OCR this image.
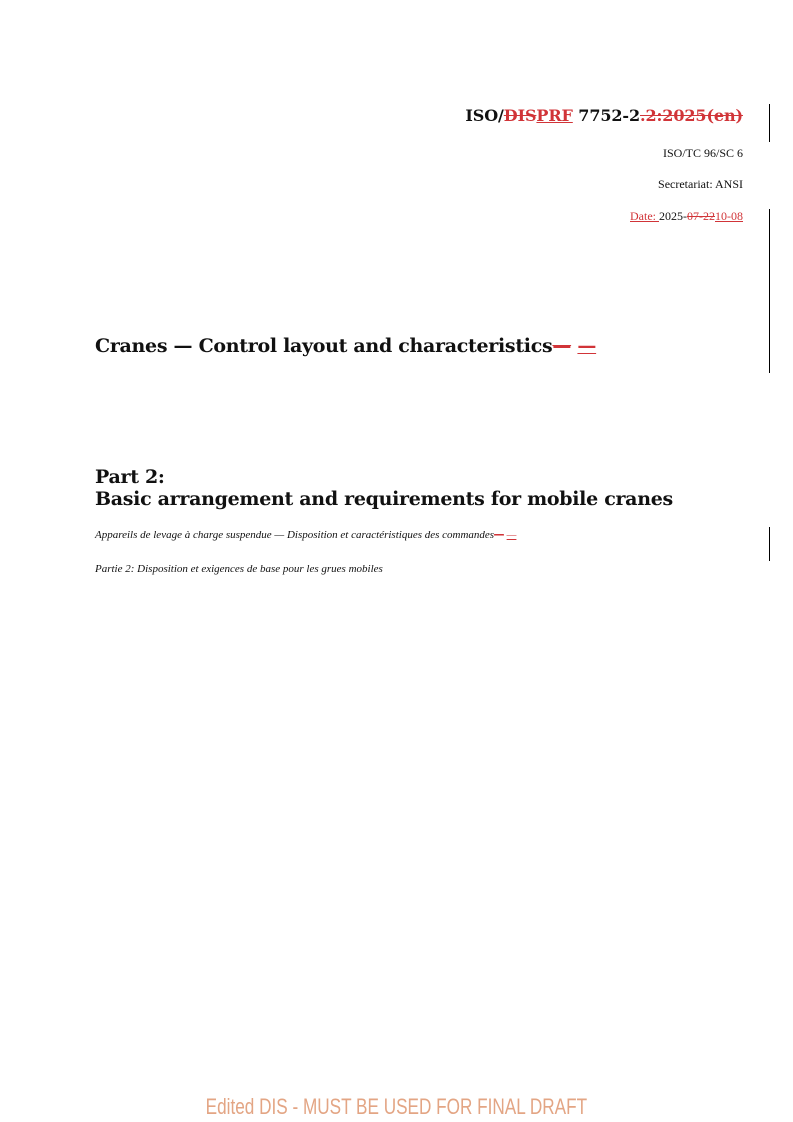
ISO/DISPRF 7752-2.2:2025(en)
ISO/TC 96/SC 6
Secretariat: ANSI
Date: 2025-07-2210-08
Cranes — Control layout and characteristics— —
Part 2:
Basic arrangement and requirements for mobile cranes
Appareils de levage à charge suspendue — Disposition et caractéristiques des commandes— —
Partie 2: Disposition et exigences de base pour les grues mobiles
Edited DIS - MUST BE USED FOR FINAL DRAFT
